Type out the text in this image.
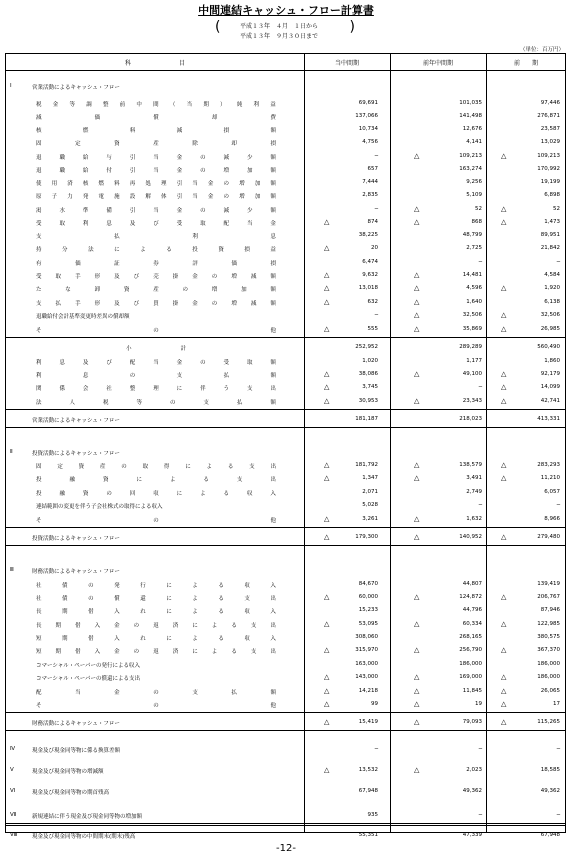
中間連結キャッシュ・フロー計算書
(	平成１３年　４月　１日から
平成１３年　９月３０日まで
)
（単位：百万円）
科　　　　　　　　目	当中間期	前年中間期	前　　期
Ⅰ	営業活動によるキャッシュ・フロー
税 金 等 調 整 前 中 間 （ 当 期 ） 純 利 益	69,691	101,035	97,446
減	価	償	却	費	137,066	141,498	276,871
核	燃	料	減	損	額	10,734	12,676	23,587
固	定	資	産	除	却	損	4,756	4,141	13,029
退	職	給	与	引	当	金	の	減	少	額	─	△	109,213	△	109,213
退	職	給	付	引	当	金	の	増	加	額	657	163,274	170,992
使 用 済 核 燃 料 再 処 理 引 当 金 の 増 加 額	7,444	9,256	19,199
原 子 力 発 電 施 設 解 体 引 当 金 の 増 加 額	2,835	5,109	6,898
渇	水	準	備	引	当	金	の	減	少	額	─	△	52	△	52
受	取	利	息	及	び	受	取	配	当	金	△	874	△	868	△	1,473
支	払	利	息	38,225	48,799	89,951
持	分	法	に	よ	る	投	資	損	益	△	20	2,725	21,842
有	価	証	券	評	価	損	6,474	─	─
受	取	手	形	及	び	売	掛	金	の	増	減	額	△	9,632	△	14,481	4,584
た	な	卸	資	産	の	増	加	額	△	13,018	△	4,596	△	1,920
支	払	手	形	及	び	買	掛	金	の	増	減	額	△	632	△	1,640	6,138
退職給付会計基準変更時差異の償却額	─	△	32,506	△	32,506
そ	の	他	△	555	△	35,869	△	26,985
小	計	252,952	289,289	560,490
利	息	及	び	配	当	金	の	受	取	額	1,020	1,177	1,860
利	息	の	支	払	額	△	38,086	△	49,100	△	92,179
関	係	会	社	整	理	に	伴	う	支	出	△	3,745	─	△	14,099
法	人	税	等	の	支	払	額	△	30,953	△	23,343	△	42,741
営業活動によるキャッシュ・フロー	181,187	218,023	413,331
Ⅱ	投資活動によるキャッシュ・フロー
固	定	資	産	の	取	得	に	よ	る	支	出	△	181,792	△	138,579	△	283,293
投	融	資	に	よ	る	支	出	△	1,347	△	3,491	△	11,210
投	融	資	の	回	収	に	よ	る	収	入	2,071	2,749	6,057
連結範囲の変更を伴う子会社株式の取得による収入	5,028	─	─
そ	の	他	△	3,261	△	1,632	8,966
投資活動によるキャッシュ・フロー	△	179,300	△	140,952	△	279,480
Ⅲ	財務活動によるキャッシュ・フロー
社	債	の	発	行	に	よ	る	収	入	84,670	44,807	139,419
社	債	の	償	還	に	よ	る	支	出	△	60,000	△	124,872	△	206,767
長	期	借	入	れ	に	よ	る	収	入	15,233	44,796	87,946
長	期	借	入	金	の	返	済	に	よ	る	支	出	△	53,095	△	60,334	△	122,985
短	期	借	入	れ	に	よ	る	収	入	308,060	268,165	380,575
短	期	借	入	金	の	返	済	に	よ	る	支	出	△	315,970	△	256,790	△	367,370
コマーシャル・ペーパーの発行による収入	163,000	186,000	186,000
コマーシャル・ペーパーの償還による支出	△	143,000	△	169,000	△	186,000
配	当	金	の	支	払	額	△	14,218	△	11,845	△	26,065
そ	の	他	△	99	△	19	△	17
財務活動によるキャッシュ・フロー	△	15,419	△	79,093	△	115,265
Ⅳ	現金及び現金同等物に係る換算差額	─	─	─
Ⅴ	現金及び現金同等物の増減額	△	13,532	△	2,023	18,585
Ⅵ	現金及び現金同等物の期首残高	67,948	49,362	49,362
Ⅶ	新規連結に伴う現金及び現金同等物の増加額	935	─	─
Ⅷ	現金及び現金同等物の中間期末(期末)残高	55,351	47,339	67,948
-12-
